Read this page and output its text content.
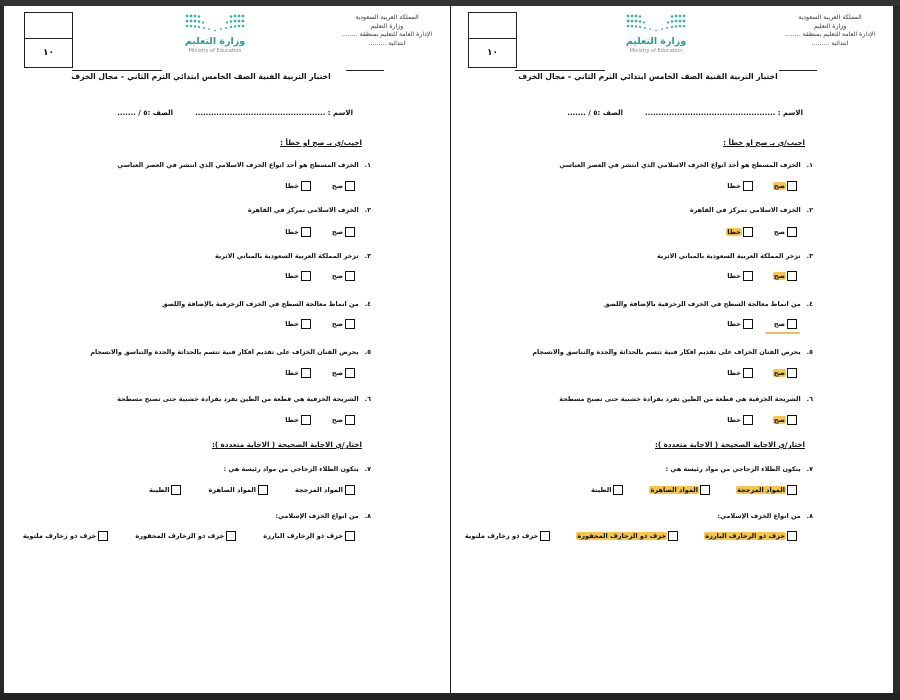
١٠
وزارة التعليم
Ministry of Education
المملكة العربية السعودية
وزارة التعليم
الإدارة العامة للتعليم بمنطقة ........
ابتدائية .........
اختبار التربية الفنية الصف الخامس ابتدائي الترم الثاني – مجال الخزف
الاسم : .................................................
الصف :٥ / .......
اجيب/ي بـ صح او خطأ :
١.الخزف المسطح هو أحد انواع الخزف الاسلامي الذي انتشر في العصر العباسي
صح
خطا
٢.الخزف الاسلامي تمركز في القاهرة
صح
خطا
٣.تزخر المملكة العربية السعودية بالمباني الاثرية
صح
خطا
٤.من انماط معالجة السطح في الخزف الزخرفية بالإضافة واللصق
صح
خطا
٥.يحرص الفنان الخزاف على تقديم افكار فنية تتسم بالحداثة والجدة والتناسق والانسجام
صح
خطا
٦.الشريحة الخزفية هي قطعة من الطين تفرد بفرادة خشبية حتى تصبح مسطحة
صح
خطا
اختار/ي الاجابة الصحيحة ( الاجابة متعددة ):
٧.يتكون الطلاء الزجاجي من مواد رئيسة هي :
المواد المزججة
المواد الصاهرة
الطينة
٨.من انواع الخزف الإسلامي:
خزف ذو الزخارف البارزة
خزف ذو الزخارف المحفورة
خزف ذو زخارف ملتوية
١٠
وزارة التعليم
Ministry of Education
المملكة العربية السعودية
وزارة التعليم
الإدارة العامة للتعليم بمنطقة ........
ابتدائية .........
اختبار التربية الفنية الصف الخامس ابتدائي الترم الثاني – مجال الخزف
الاسم : .................................................
الصف :٥ / .......
اجيب/ي بـ صح او خطأ :
١.الخزف المسطح هو أحد انواع الخزف الاسلامي الذي انتشر في العصر العباسي
صح
خطا
٢.الخزف الاسلامي تمركز في القاهرة
صح
خطا
٣.تزخر المملكة العربية السعودية بالمباني الاثرية
صح
خطا
٤.من انماط معالجة السطح في الخزف الزخرفية بالإضافة واللصق
صح
خطا
٥.يحرص الفنان الخزاف على تقديم افكار فنية تتسم بالحداثة والجدة والتناسق والانسجام
صح
خطا
٦.الشريحة الخزفية هي قطعة من الطين تفرد بفرادة خشبية حتى تصبح مسطحة
صح
خطا
اختار/ي الاجابة الصحيحة ( الاجابة متعددة ):
٧.يتكون الطلاء الزجاجي من مواد رئيسة هي :
المواد المزججة
المواد الصاهرة
الطينة
٨.من انواع الخزف الإسلامي:
خزف ذو الزخارف البارزة
خزف ذو الزخارف المحفورة
خزف ذو زخارف ملتوية
